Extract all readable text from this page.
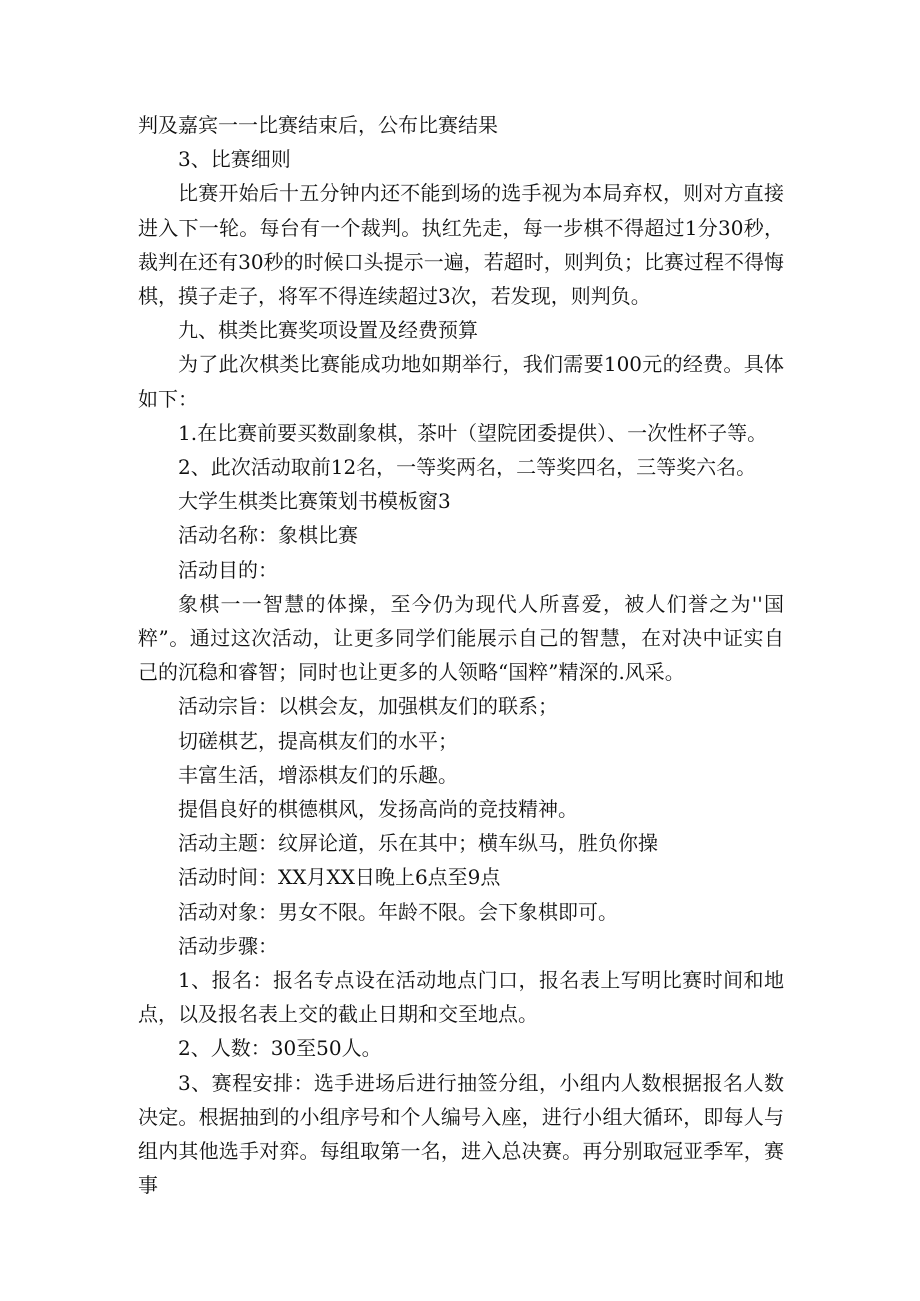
判及嘉宾一一比赛结束后，公布比赛结果

3、比赛细则

比赛开始后十五分钟内还不能到场的选手视为本局弃权，则对方直接进入下一轮。每台有一个裁判。执红先走，每一步棋不得超过1分30秒，裁判在还有30秒的时候口头提示一遍，若超时，则判负；比赛过程不得悔棋，摸子走子，将军不得连续超过3次，若发现，则判负。

九、棋类比赛奖项设置及经费预算

为了此次棋类比赛能成功地如期举行，我们需要100元的经费。具体如下：

1.在比赛前要买数副象棋，茶叶（望院团委提供）、一次性杯子等。

2、此次活动取前12名，一等奖两名，二等奖四名，三等奖六名。

大学生棋类比赛策划书模板窗3

活动名称：象棋比赛

活动目的：

象棋一一智慧的体操，至今仍为现代人所喜爱，被人们誉之为''国粹”。通过这次活动，让更多同学们能展示自己的智慧，在对决中证实自己的沉稳和睿智；同时也让更多的人领略“国粹”精深的.风采。

活动宗旨：以棋会友，加强棋友们的联系；

切磋棋艺，提高棋友们的水平；

丰富生活，增添棋友们的乐趣。

提倡良好的棋德棋风，发扬高尚的竞技精神。

活动主题：纹屏论道，乐在其中；横车纵马，胜负你操

活动时间：XX月XX日晚上6点至9点

活动对象：男女不限。年龄不限。会下象棋即可。

活动步骤：

1、报名：报名专点设在活动地点门口，报名表上写明比赛时间和地点，以及报名表上交的截止日期和交至地点。

2、人数：30至50人。

3、赛程安排：选手进场后进行抽签分组，小组内人数根据报名人数决定。根据抽到的小组序号和个人编号入座，进行小组大循环，即每人与组内其他选手对弈。每组取第一名，进入总决赛。再分别取冠亚季军，赛事
